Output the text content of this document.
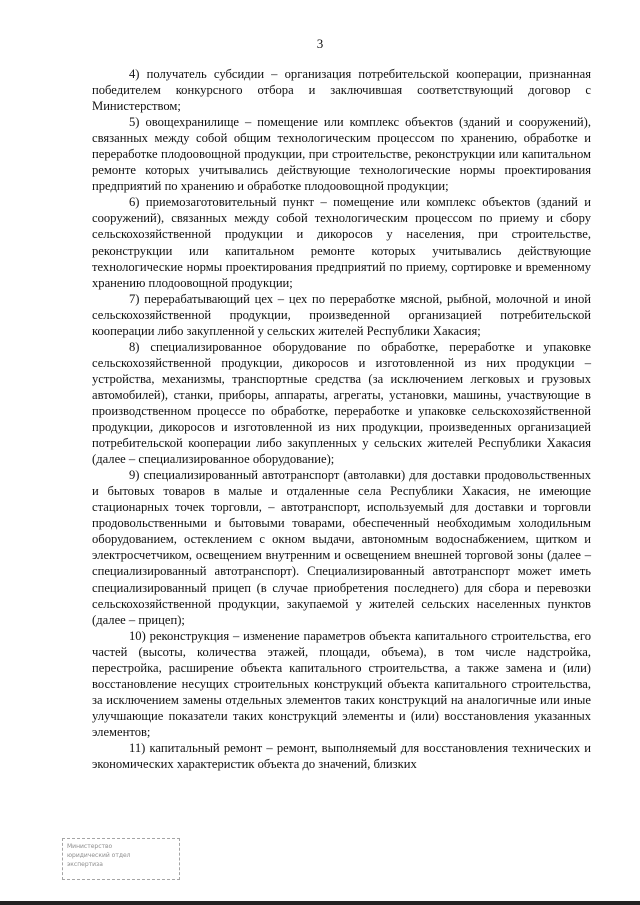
3

4) получатель субсидии – организация потребительской кооперации, признанная победителем конкурсного отбора и заключившая соответствующий договор с Министерством;

5) овощехранилище – помещение или комплекс объектов (зданий и сооружений), связанных между собой общим технологическим процессом по хранению, обработке и переработке плодоовощной продукции, при строительстве, реконструкции или капитальном ремонте которых учитывались действующие технологические нормы проектирования предприятий по хранению и обработке плодоовощной продукции;

6) приемозаготовительный пункт – помещение или комплекс объектов (зданий и сооружений), связанных между собой технологическим процессом по приему и сбору сельскохозяйственной продукции и дикоросов у населения, при строительстве, реконструкции или капитальном ремонте которых учитывались действующие технологические нормы проектирования предприятий по приему, сортировке и временному хранению плодоовощной продукции;

7) перерабатывающий цех – цех по переработке мясной, рыбной, молочной и иной сельскохозяйственной продукции, произведенной организацией потребительской кооперации либо закупленной у сельских жителей Республики Хакасия;

8) специализированное оборудование по обработке, переработке и упаковке сельскохозяйственной продукции, дикоросов и изготовленной из них продукции – устройства, механизмы, транспортные средства (за исключением легковых и грузовых автомобилей), станки, приборы, аппараты, агрегаты, установки, машины, участвующие в производственном процессе по обработке, переработке и упаковке сельскохозяйственной продукции, дикоросов и изготовленной из них продукции, произведенных организацией потребительской кооперации либо закупленных у сельских жителей Республики Хакасия (далее – специализированное оборудование);

9) специализированный автотранспорт (автолавки) для доставки продовольственных и бытовых товаров в малые и отдаленные села Республики Хакасия, не имеющие стационарных точек торговли, – автотранспорт, используемый для доставки и торговли продовольственными и бытовыми товарами, обеспеченный необходимым холодильным оборудованием, остеклением с окном выдачи, автономным водоснабжением, щитком и электросчетчиком, освещением внутренним и освещением внешней торговой зоны (далее – специализированный автотранспорт). Специализированный автотранспорт может иметь специализированный прицеп (в случае приобретения последнего) для сбора и перевозки сельскохозяйственной продукции, закупаемой у жителей сельских населенных пунктов (далее – прицеп);

10) реконструкция – изменение параметров объекта капитального строительства, его частей (высоты, количества этажей, площади, объема), в том числе надстройка, перестройка, расширение объекта капитального строительства, а также замена и (или) восстановление несущих строительных конструкций объекта капитального строительства, за исключением замены отдельных элементов таких конструкций на аналогичные или иные улучшающие показатели таких конструкций элементы и (или) восстановления указанных элементов;

11) капитальный ремонт – ремонт, выполняемый для восстановления технических и экономических характеристик объекта до значений, близких

Министерство
юридический отдел
экспертиза
